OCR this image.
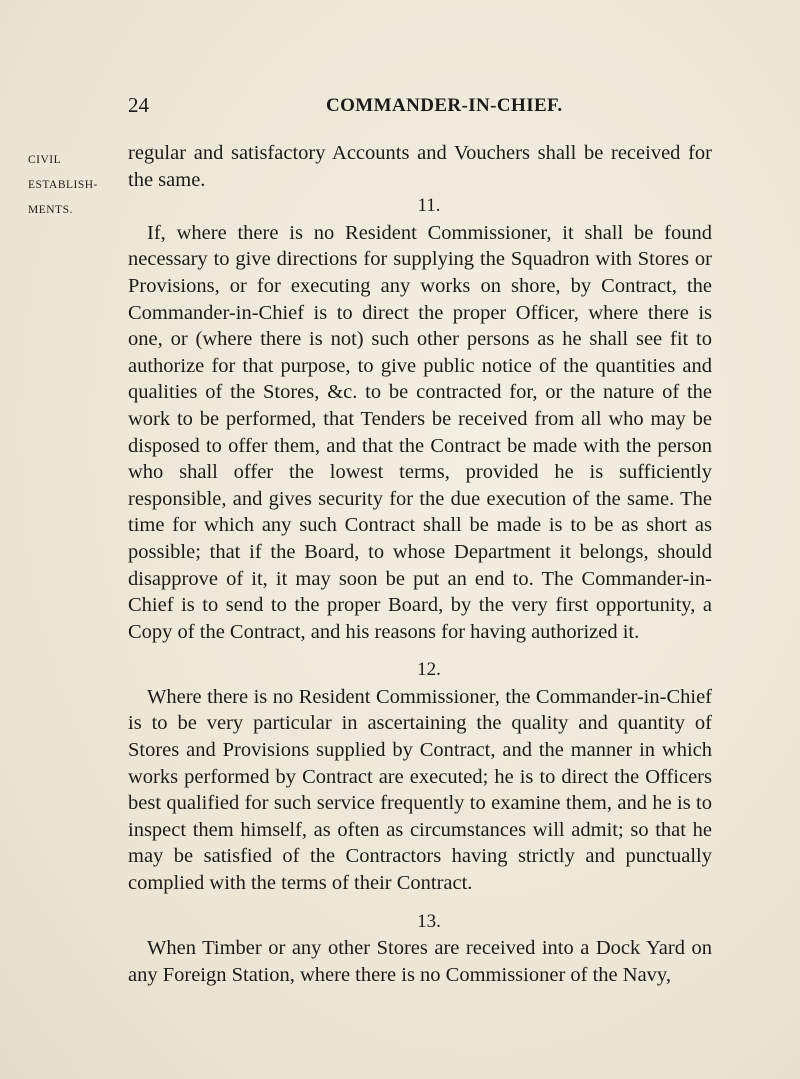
24	COMMANDER-IN-CHIEF.
CIVIL
ESTABLISH-
MENTS.

regular and satisfactory Accounts and Vouchers shall be received for the same.

11.

If, where there is no Resident Commissioner, it shall be found necessary to give directions for supplying the Squadron with Stores or Provisions, or for executing any works on shore, by Contract, the Commander-in-Chief is to direct the proper Officer, where there is one, or (where there is not) such other persons as he shall see fit to authorize for that purpose, to give public notice of the quantities and qualities of the Stores, &c. to be contracted for, or the nature of the work to be performed, that Tenders be received from all who may be disposed to offer them, and that the Contract be made with the person who shall offer the lowest terms, provided he is sufficiently responsible, and gives security for the due execution of the same. The time for which any such Contract shall be made is to be as short as possible; that if the Board, to whose Department it belongs, should disapprove of it, it may soon be put an end to. The Commander-in-Chief is to send to the proper Board, by the very first opportunity, a Copy of the Contract, and his reasons for having authorized it.

12.

Where there is no Resident Commissioner, the Commander-in-Chief is to be very particular in ascertaining the quality and quantity of Stores and Provisions supplied by Contract, and the manner in which works performed by Contract are executed; he is to direct the Officers best qualified for such service frequently to examine them, and he is to inspect them himself, as often as circumstances will admit; so that he may be satisfied of the Contractors having strictly and punctually complied with the terms of their Contract.

13.

When Timber or any other Stores are received into a Dock Yard on any Foreign Station, where there is no Commissioner of the Navy,
